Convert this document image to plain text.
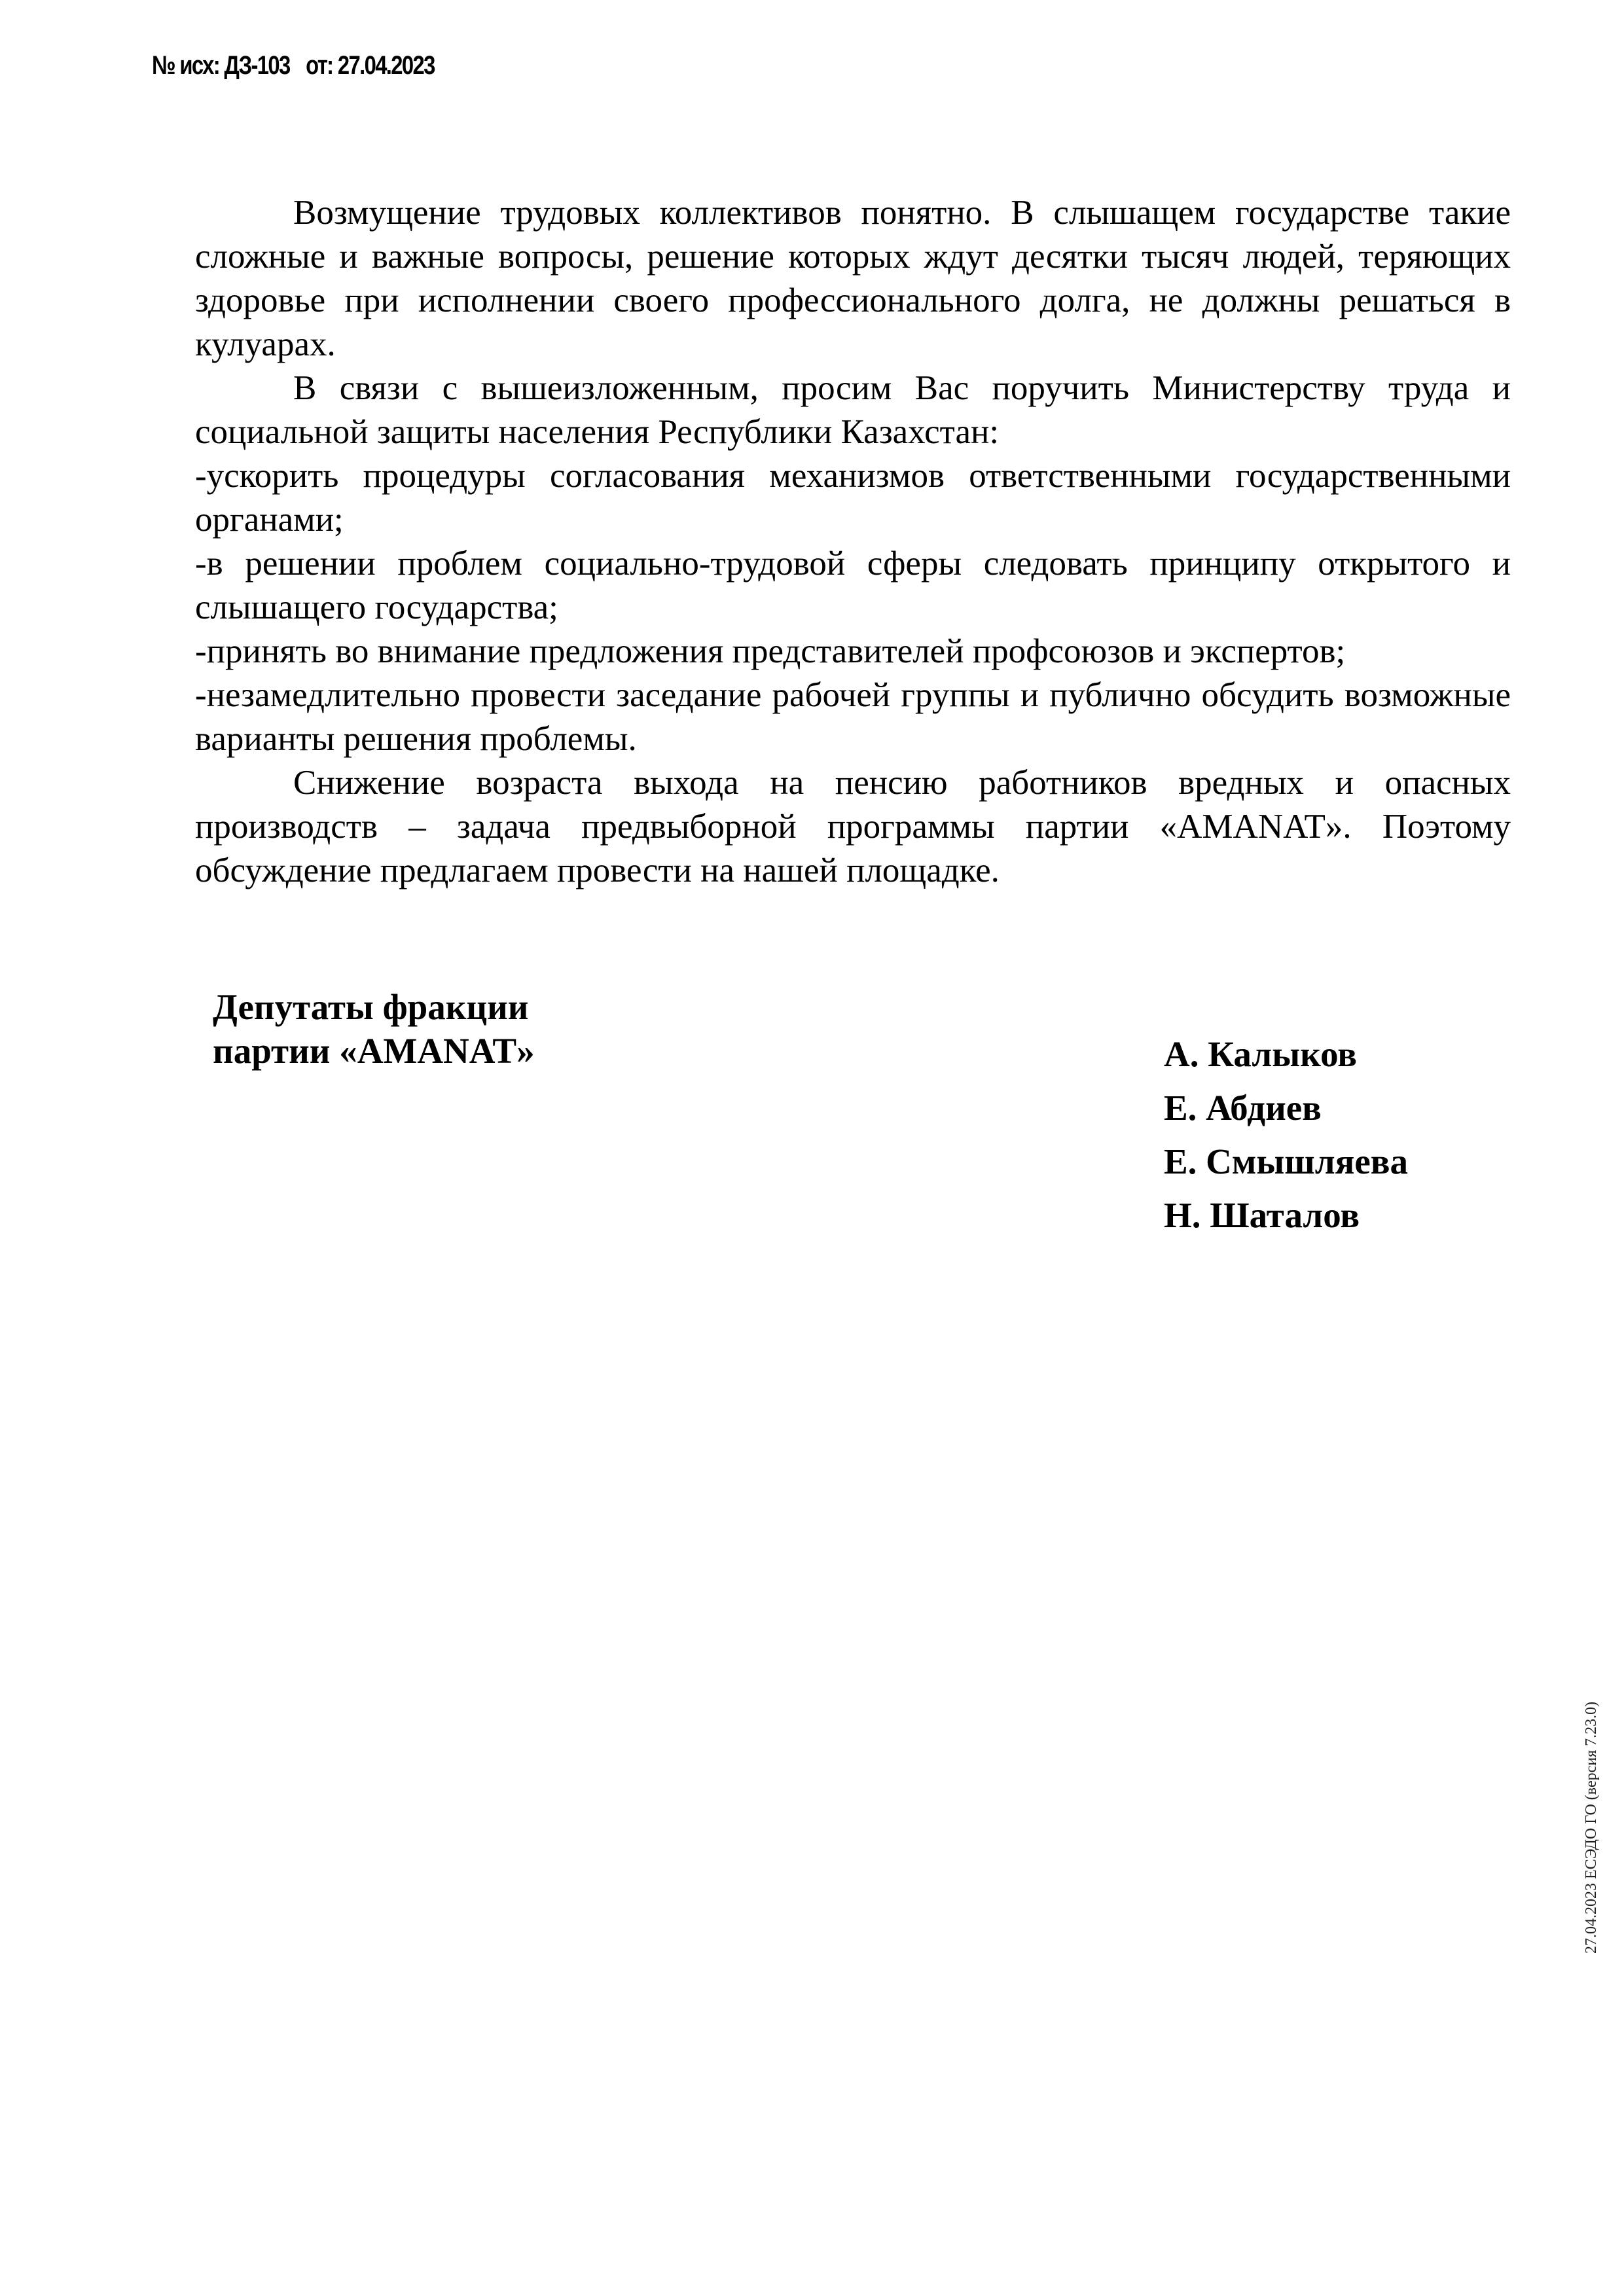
№ исх: ДЗ-103 от: 27.04.2023

Возмущение трудовых коллективов понятно. В слышащем государстве такие сложные и важные вопросы, решение которых ждут десятки тысяч людей, теряющих здоровье при исполнении своего профессионального долга, не должны решаться в кулуарах.

В связи с вышеизложенным, просим Вас поручить Министерству труда и социальной защиты населения Республики Казахстан:

-ускорить процедуры согласования механизмов ответственными государственными органами;

-в решении проблем социально-трудовой сферы следовать принципу открытого и слышащего государства;

-принять во внимание предложения представителей профсоюзов и экспертов;

-незамедлительно провести заседание рабочей группы и публично обсудить возможные варианты решения проблемы.

Снижение возраста выхода на пенсию работников вредных и опасных производств – задача предвыборной программы партии «AMANAT». Поэтому обсуждение предлагаем провести на нашей площадке.

Депутаты фракции
партии «AMANAT»	А. Калыков
Е. Абдиев
Е. Смышляева
Н. Шаталов
27.04.2023 ЕСЭДО ГО (версия 7.23.0)
